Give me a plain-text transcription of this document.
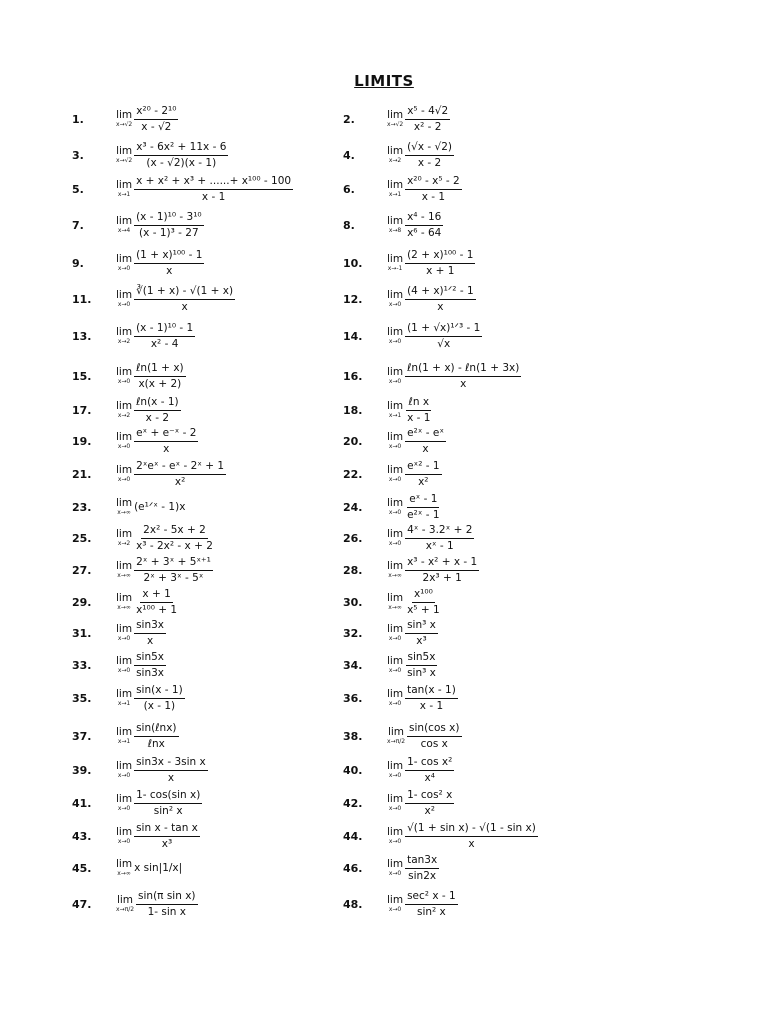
LIMITS
1.	lim
$x\to√2 \frac{\text{x²⁰ - 2¹⁰}}{x - √2}$	2.	lim
$x\to√2 \frac{\text{x⁵ - 4√2}}{\text{x² - 2}}$
3.	lim
$x\to√2 \frac{\text{x³ - 6x² + 11x - 6}}{(x - √2)(x - 1)}$	4.	lim
$x\to 2 \frac{(√x - √2)}{x - 2}$
5.	lim
$x\to 1 \frac{\text{x + x² + x³ + ......+ x¹⁰⁰ - 100}}{x - 1}$	6.	lim
$x\to 1 \frac{\text{x²⁰ - x⁵ - 2}}{x - 1}$
7.	lim
$x\to 4 \frac{\text{(x - 1)¹⁰ - 3¹⁰}}{\text{(x - 1)³ - 27}}$	8.	lim
$x\to 8 \frac{\text{x⁴ - 16}}{\text{x⁶ - 64}}$
9.	lim
$x\to 0 \frac{\text{(1 + x)¹⁰⁰ - 1}}{x}$	10.	lim
$x\to-1 \frac{\text{(2 + x)¹⁰⁰ - 1}}{x + 1}$
11.	lim
$x\to 0 \frac{∛(1 + x) - √(1 + x)}{x}$	12.	lim
$x\to 0 \frac{\text{(4 + x)¹ᐟ² - 1}}{x}$
13.	lim
$x\to 2 \frac{\text{(x - 1)¹⁰ - 1}}{\text{x² - 4}}$	14.	lim
$x\to 0 \frac{\text{(1 + √x)¹ᐟ³ - 1}}{√x}$
15.	lim
$x\to 0 \frac{\text{ℓn(1 + x)}}{x(x + 2)}$	16.	lim
$x\to 0 \frac{\text{ℓn(1 + x) - ℓn(1 + 3x)}}{x}$
17.	lim
$x\to 2 \frac{\text{ℓn(x - 1)}}{x - 2}$	18.	lim
$x\to 1 \frac{\text{ℓn x}}{x - 1}$
19.	lim
$x\to 0 \frac{\text{eˣ + e⁻ˣ - 2}}{x}$	20.	lim
$x\to 0 \frac{\text{e²ˣ - eˣ}}{x}$
21.	lim
$x\to 0 \frac{\text{2ˣeˣ - eˣ - 2ˣ + 1}}{\text{x²}}$	22.	lim
$x\to 0 \frac{\text{eˣ² - 1}}{\text{x²}}$
23.	lim
x→∞ (e¹ᐟˣ - 1)x	24.	lim
$x\to 0 \frac{\text{eˣ - 1}}{\text{e²ˣ - 1}}$
25.	lim
$x\to 2 \frac{\text{2x² - 5x + 2}}{\text{x³ - 2x² - x + 2}}$	26.	lim
$x\to 0 \frac{\text{4ˣ - 3.2ˣ + 2}}{\text{xˣ - 1}}$
27.	lim
$x\to\infty \frac{\text{2ˣ + 3ˣ + 5ˣ⁺¹}}{\text{2ˣ + 3ˣ - 5ˣ}}$	28.	lim
$x\to\infty \frac{\text{x³ - x² + x - 1}}{\text{2x³ + 1}}$
29.	lim
$x\to\infty \frac{x + 1}{\text{x¹⁰⁰ + 1}}$	30.	lim
$x\to\infty \frac{\text{x¹⁰⁰}}{\text{x⁵ + 1}}$
31.	lim
$x\to 0 \frac{\sin 3x}{x}$	32.	lim
$x\to 0 \frac{\text{sin³ x}}{\text{x³}}$
33.	lim
$x\to 0 \frac{\sin 5x}{\sin 3x}$	34.	lim
$x\to 0 \frac{\sin 5x}{\text{sin³ x}}$
35.	lim
$x\to 1 \frac{\sin(x - 1)}{(x - 1)}$	36.	lim
$x\to 0 \frac{\tan(x - 1)}{x - 1}$
37.	lim
$x\to 1 \frac{\text{sin(ℓnx)}}{\text{ℓnx}}$	38.	lim
$x\to\pi/2 \frac{\text{sin(cos x)}}{\text{cos x}}$
39.	lim
$x\to 0 \frac{\text{sin3x - 3sin x}}{x}$	40.	lim
$x\to 0 \frac{\text{1- cos x²}}{\text{x⁴}}$
41.	lim
$x\to 0 \frac{\text{1- cos(sin x)}}{\text{sin² x}}$	42.	lim
$x\to 0 \frac{\text{1- cos² x}}{\text{x²}}$
43.	lim
$x\to 0 \frac{\text{sin x - tan x}}{\text{x³}}$	44.	lim
$x\to 0 \frac{\text{√(1 + sin x) - √(1 - sin x)}}{x}$
45.	lim
x→∞ x sin|1/x|	46.	lim
$x\to 0 \frac{\tan 3x}{\sin 2x}$
47.	lim
$x\to\pi/2 \frac{\text{sin(π sin x)}}{\text{1- sin x}}$	48.	lim
$x\to 0 \frac{\text{sec² x - 1}}{\text{sin² x}}$
